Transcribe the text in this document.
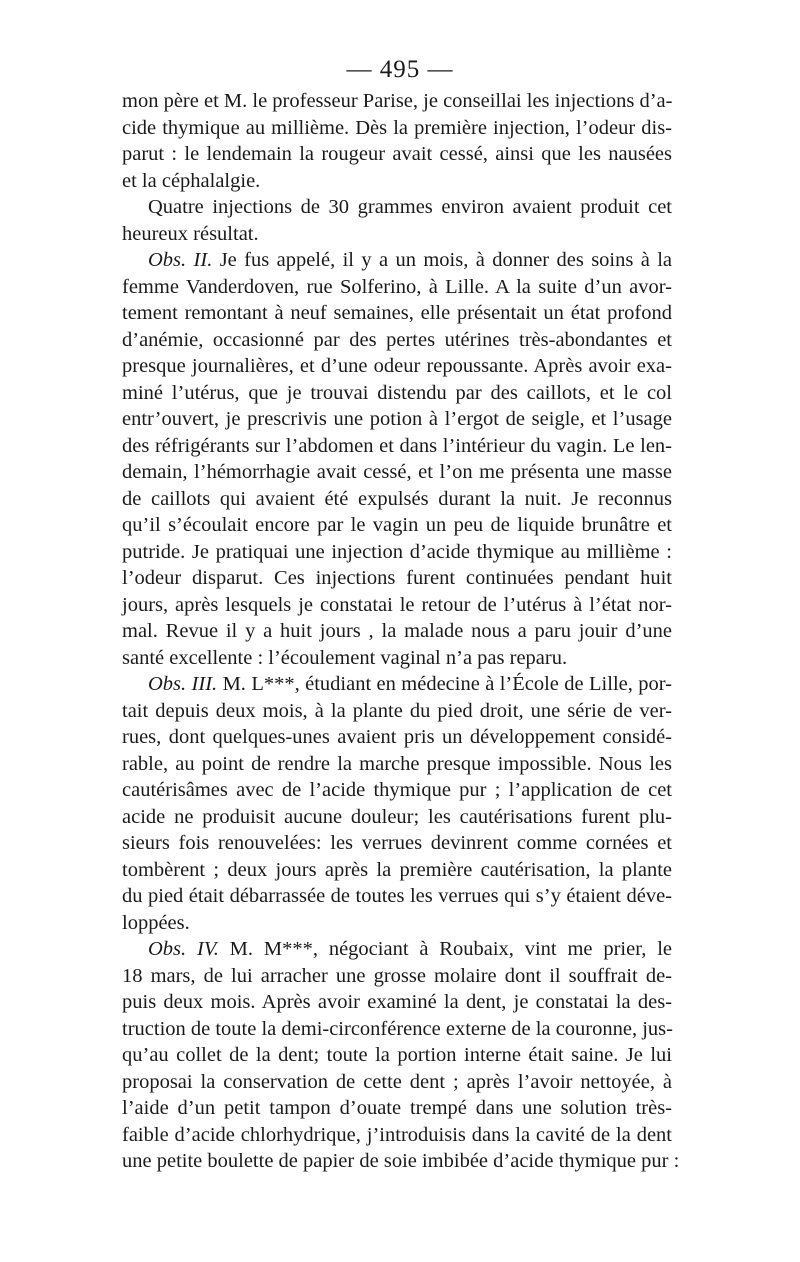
— 495 —
mon père et M. le professeur Parise, je conseillai les injections d’a-
cide thymique au millième. Dès la première injection, l’odeur dis-
parut : le lendemain la rougeur avait cessé, ainsi que les nausées
et la céphalalgie.
Quatre injections de 30 grammes environ avaient produit cet
heureux résultat.
Obs. II. Je fus appelé, il y a un mois, à donner des soins à la
femme Vanderdoven, rue Solferino, à Lille. A la suite d’un avor-
tement remontant à neuf semaines, elle présentait un état profond
d’anémie, occasionné par des pertes utérines très-abondantes et
presque journalières, et d’une odeur repoussante. Après avoir exa-
miné l’utérus, que je trouvai distendu par des caillots, et le col
entr’ouvert, je prescrivis une potion à l’ergot de seigle, et l’usage
des réfrigérants sur l’abdomen et dans l’intérieur du vagin. Le len-
demain, l’hémorrhagie avait cessé, et l’on me présenta une masse
de caillots qui avaient été expulsés durant la nuit. Je reconnus
qu’il s’écoulait encore par le vagin un peu de liquide brunâtre et
putride. Je pratiquai une injection d’acide thymique au millième :
l’odeur disparut. Ces injections furent continuées pendant huit
jours, après lesquels je constatai le retour de l’utérus à l’état nor-
mal. Revue il y a huit jours , la malade nous a paru jouir d’une
santé excellente : l’écoulement vaginal n’a pas reparu.
Obs. III. M. L***, étudiant en médecine à l’École de Lille, por-
tait depuis deux mois, à la plante du pied droit, une série de ver-
rues, dont quelques-unes avaient pris un développement considé-
rable, au point de rendre la marche presque impossible. Nous les
cautérisâmes avec de l’acide thymique pur ; l’application de cet
acide ne produisit aucune douleur; les cautérisations furent plu-
sieurs fois renouvelées: les verrues devinrent comme cornées et
tombèrent ; deux jours après la première cautérisation, la plante
du pied était débarrassée de toutes les verrues qui s’y étaient déve-
loppées.
Obs. IV. M. M***, négociant à Roubaix, vint me prier, le
18 mars, de lui arracher une grosse molaire dont il souffrait de-
puis deux mois. Après avoir examiné la dent, je constatai la des-
truction de toute la demi-circonférence externe de la couronne, jus-
qu’au collet de la dent; toute la portion interne était saine. Je lui
proposai la conservation de cette dent ; après l’avoir nettoyée, à
l’aide d’un petit tampon d’ouate trempé dans une solution très-
faible d’acide chlorhydrique, j’introduisis dans la cavité de la dent
une petite boulette de papier de soie imbibée d’acide thymique pur :
